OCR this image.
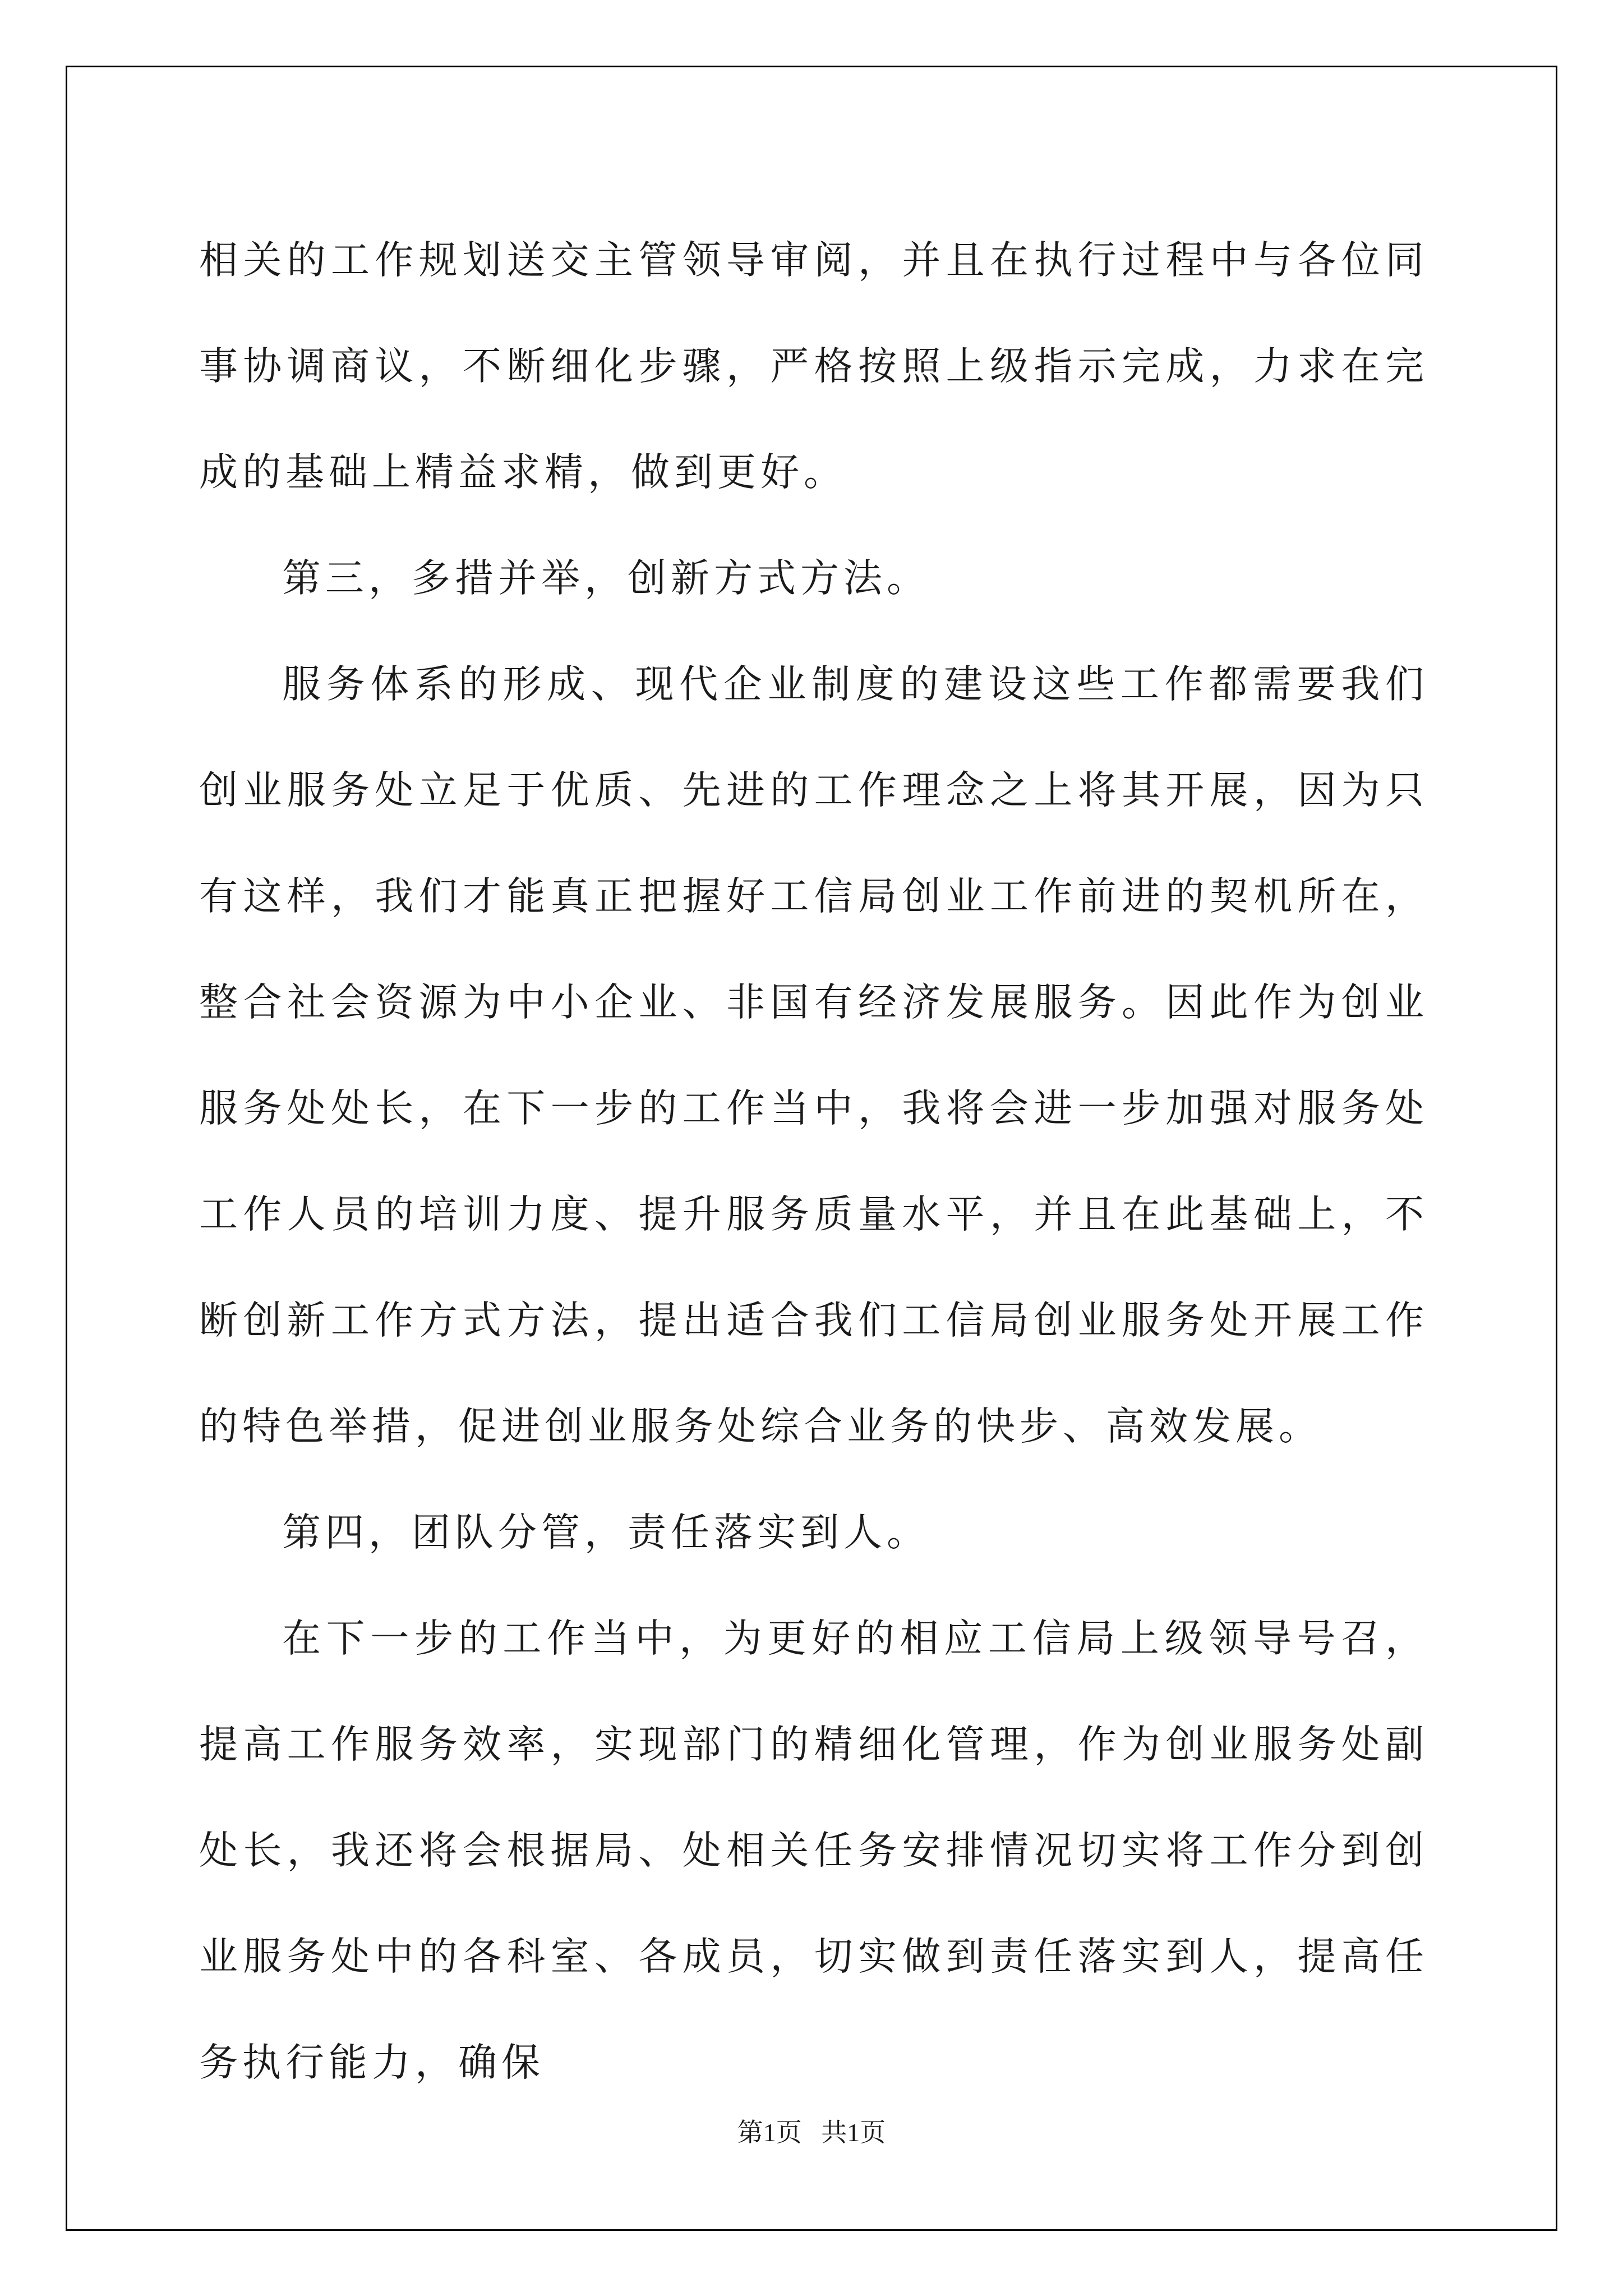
相关的工作规划送交主管领导审阅，并且在执行过程中与各位同事协调商议，不断细化步骤，严格按照上级指示完成，力求在完成的基础上精益求精，做到更好。

第三，多措并举，创新方式方法。

服务体系的形成、现代企业制度的建设这些工作都需要我们创业服务处立足于优质、先进的工作理念之上将其开展，因为只有这样，我们才能真正把握好工信局创业工作前进的契机所在，整合社会资源为中小企业、非国有经济发展服务。因此作为创业服务处处长，在下一步的工作当中，我将会进一步加强对服务处工作人员的培训力度、提升服务质量水平，并且在此基础上，不断创新工作方式方法，提出适合我们工信局创业服务处开展工作的特色举措，促进创业服务处综合业务的快步、高效发展。

第四，团队分管，责任落实到人。

在下一步的工作当中，为更好的相应工信局上级领导号召，提高工作服务效率，实现部门的精细化管理，作为创业服务处副处长，我还将会根据局、处相关任务安排情况切实将工作分到创业服务处中的各科室、各成员，切实做到责任落实到人，提高任务执行能力，确保

第1页   共1页
